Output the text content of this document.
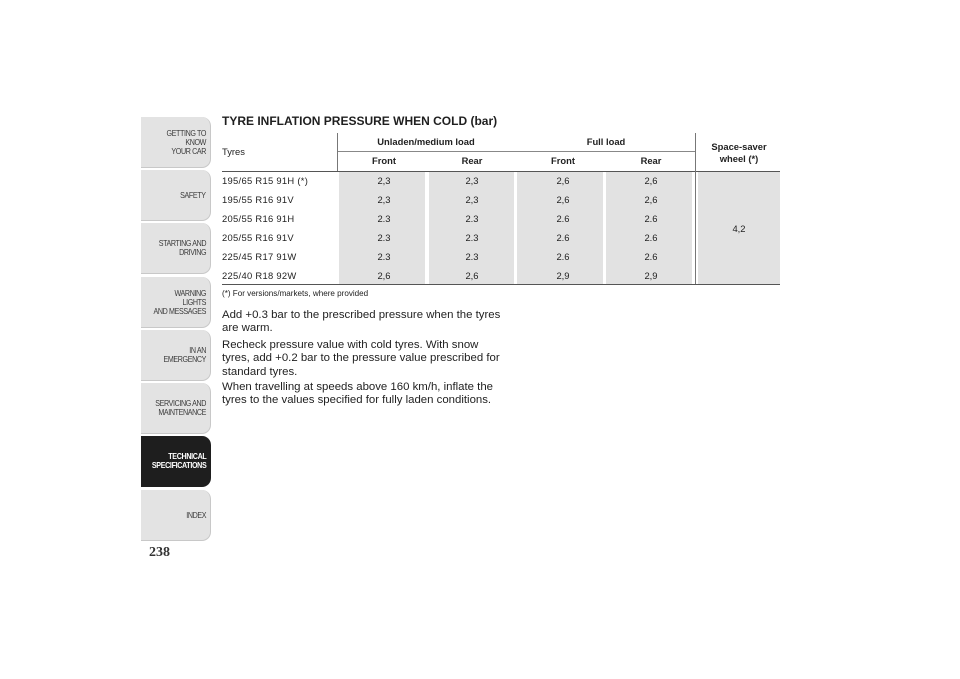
GETTING TO KNOW
YOUR CAR
SAFETY
STARTING AND
DRIVING
WARNING LIGHTS
AND MESSAGES
IN AN EMERGENCY
SERVICING AND
MAINTENANCE
TECHNICAL
SPECIFICATIONS
INDEX
238
TYRE INFLATION PRESSURE WHEN COLD (bar)
Tyres
Unladen/medium load	Full load
Front	Rear	Front	Rear
Space-saver
wheel (*)
195/65 R15 91H (*)	2,3	2,3	2,6	2,6
195/55 R16 91V	2,3	2,3	2,6	2,6
205/55 R16 91H	2.3	2.3	2.6	2.6
205/55 R16 91V	2.3	2.3	2.6	2.6
225/45 R17 91W	2.3	2.3	2.6	2.6
225/40 R18 92W	2,6	2,6	2,9	2,9
4,2
(*) For versions/markets, where provided

Add +0.3 bar to the prescribed pressure when the tyres are warm.

Recheck pressure value with cold tyres. With snow tyres, add +0.2 bar to the pressure value prescribed for standard tyres.

When travelling at speeds above 160 km/h, inflate the tyres to the values specified for fully laden conditions.
